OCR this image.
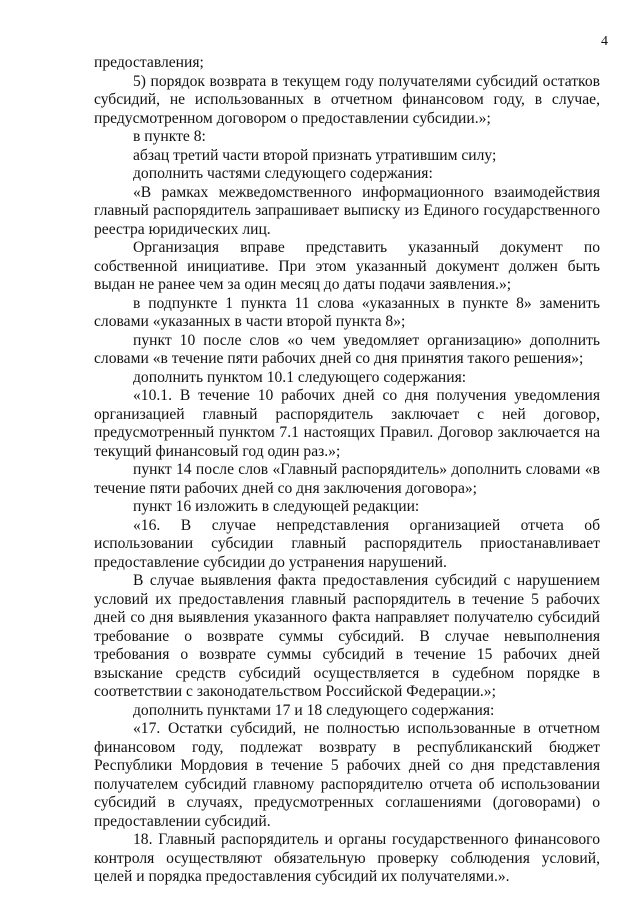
4

предоставления;

5) порядок возврата в текущем году получателями субсидий остатков субсидий, не использованных в отчетном финансовом году, в случае, предусмотренном договором о предоставлении субсидии.»;

в пункте 8:

абзац третий части второй признать утратившим силу;

дополнить частями следующего содержания:

«В рамках межведомственного информационного взаимодействия главный распорядитель запрашивает выписку из Единого государственного реестра юридических лиц.

Организация вправе представить указанный документ по собственной инициативе. При этом указанный документ должен быть выдан не ранее чем за один месяц до даты подачи заявления.»;

в подпункте 1 пункта 11 слова «указанных в пункте 8» заменить словами «указанных в части второй пункта 8»;

пункт 10 после слов «о чем уведомляет организацию» дополнить словами «в течение пяти рабочих дней со дня принятия такого решения»;

дополнить пунктом 10.1 следующего содержания:

«10.1. В течение 10 рабочих дней со дня получения уведомления организацией главный распорядитель заключает с ней договор, предусмотренный пунктом 7.1 настоящих Правил. Договор заключается на текущий финансовый год один раз.»;

пункт 14 после слов «Главный распорядитель» дополнить словами «в течение пяти рабочих дней со дня заключения договора»;

пункт 16 изложить в следующей редакции:

«16. В случае непредставления организацией отчета об использовании субсидии главный распорядитель приостанавливает предоставление субсидии до устранения нарушений.

В случае выявления факта предоставления субсидий с нарушением условий их предоставления главный распорядитель в течение 5 рабочих дней со дня выявления указанного факта направляет получателю субсидий требование о возврате суммы субсидий. В случае невыполнения требования о возврате суммы субсидий в течение 15 рабочих дней взыскание средств субсидий осуществляется в судебном порядке в соответствии с законодательством Российской Федерации.»;

дополнить пунктами 17 и 18 следующего содержания:

«17. Остатки субсидий, не полностью использованные в отчетном финансовом году, подлежат возврату в республиканский бюджет Республики Мордовия в течение 5 рабочих дней со дня представления получателем субсидий главному распорядителю отчета об использовании субсидий в случаях, предусмотренных соглашениями (договорами) о предоставлении субсидий.

18. Главный распорядитель и органы государственного финансового контроля осуществляют обязательную проверку соблюдения условий, целей и порядка предоставления субсидий их получателями.».
